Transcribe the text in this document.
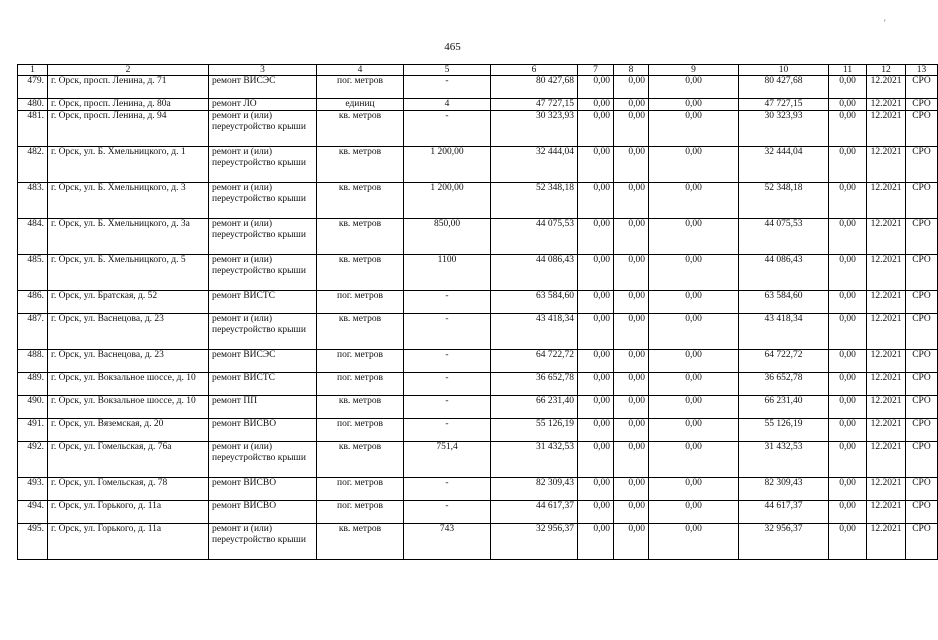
465
'
1	2	3	4	5	6	7	8	9	10	11	12	13
479.	г. Орск, просп. Ленина, д. 71	ремонт ВИСЭС	пог. метров	-	80 427,68	0,00	0,00	0,00	80 427,68	0,00	12.2021	СРО
480.	г. Орск, просп. Ленина, д. 80а	ремонт ЛО	единиц	4	47 727,15	0,00	0,00	0,00	47 727,15	0,00	12.2021	СРО
481.	г. Орск, просп. Ленина, д. 94	ремонт и (или) переустройство крыши	кв. метров	-	30 323,93	0,00	0,00	0,00	30 323,93	0,00	12.2021	СРО
482.	г. Орск, ул. Б. Хмельницкого, д. 1	ремонт и (или) переустройство крыши	кв. метров	1 200,00	32 444,04	0,00	0,00	0,00	32 444,04	0,00	12.2021	СРО
483.	г. Орск, ул. Б. Хмельницкого, д. 3	ремонт и (или) переустройство крыши	кв. метров	1 200,00	52 348,18	0,00	0,00	0,00	52 348,18	0,00	12.2021	СРО
484.	г. Орск, ул. Б. Хмельницкого, д. 3а	ремонт и (или) переустройство крыши	кв. метров	850,00	44 075,53	0,00	0,00	0,00	44 075,53	0,00	12.2021	СРО
485.	г. Орск, ул. Б. Хмельницкого, д. 5	ремонт и (или) переустройство крыши	кв. метров	1100	44 086,43	0,00	0,00	0,00	44 086,43	0,00	12.2021	СРО
486.	г. Орск, ул. Братская, д. 52	ремонт ВИСТС	пог. метров	-	63 584,60	0,00	0,00	0,00	63 584,60	0,00	12.2021	СРО
487.	г. Орск, ул. Васнецова, д. 23	ремонт и (или) переустройство крыши	кв. метров	-	43 418,34	0,00	0,00	0,00	43 418,34	0,00	12.2021	СРО
488.	г. Орск, ул. Васнецова, д. 23	ремонт ВИСЭС	пог. метров	-	64 722,72	0,00	0,00	0,00	64 722,72	0,00	12.2021	СРО
489.	г. Орск, ул. Вокзальное шоссе, д. 10	ремонт ВИСТС	пог. метров	-	36 652,78	0,00	0,00	0,00	36 652,78	0,00	12.2021	СРО
490.	г. Орск, ул. Вокзальное шоссе, д. 10	ремонт ПП	кв. метров	-	66 231,40	0,00	0,00	0,00	66 231,40	0,00	12.2021	СРО
491.	г. Орск, ул. Вяземская, д. 20	ремонт ВИСВО	пог. метров	-	55 126,19	0,00	0,00	0,00	55 126,19	0,00	12.2021	СРО
492.	г. Орск, ул. Гомельская, д. 76а	ремонт и (или) переустройство крыши	кв. метров	751,4	31 432,53	0,00	0,00	0,00	31 432,53	0,00	12.2021	СРО
493.	г. Орск, ул. Гомельская, д. 78	ремонт ВИСВО	пог. метров	-	82 309,43	0,00	0,00	0,00	82 309,43	0,00	12.2021	СРО
494.	г. Орск, ул. Горького, д. 11а	ремонт ВИСВО	пог. метров	-	44 617,37	0,00	0,00	0,00	44 617,37	0,00	12.2021	СРО
495.	г. Орск, ул. Горького, д. 11а	ремонт и (или) переустройство крыши	кв. метров	743	32 956,37	0,00	0,00	0,00	32 956,37	0,00	12.2021	СРО
